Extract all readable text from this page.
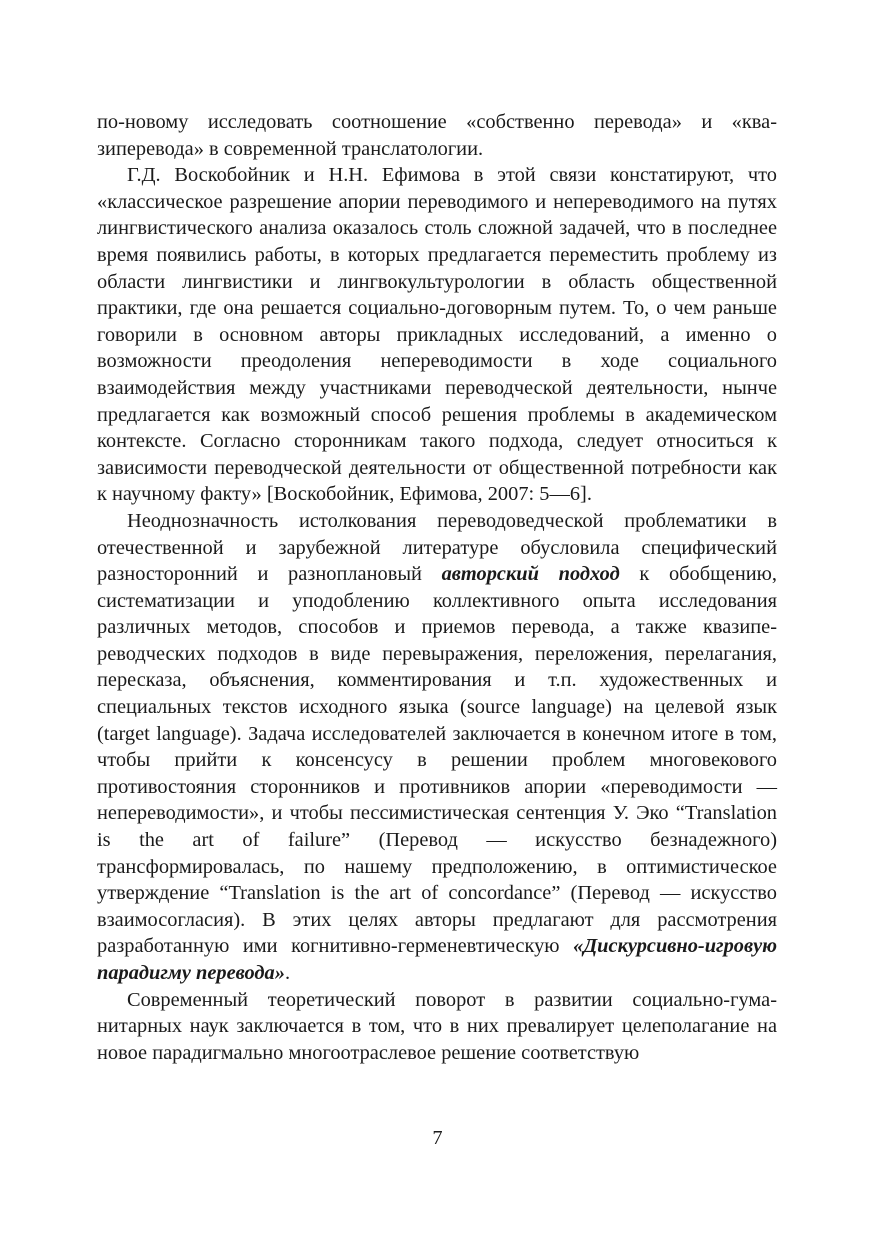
по-новому исследовать соотношение «собственно перевода» и «квазиперевода» в современной транслатологии.

Г.Д. Воскобойник и Н.Н. Ефимова в этой связи констатируют, что «классическое разрешение апории переводимого и непереводимого на путях лингвистического анализа оказалось столь сложной задачей, что в последнее время появились работы, в которых предлагается переместить проблему из области лингвистики и лингвокультурологии в область общественной практики, где она решается социально-договорным путем. То, о чем раньше говорили в основном авторы прикладных исследований, а именно о возможности преодоления непереводимости в ходе социального взаимодействия между участниками переводческой деятельности, нынче предлагается как возможный способ решения проблемы в академическом контексте. Согласно сторонникам такого подхода, следует относиться к зависимости переводческой деятельности от общественной потребности как к научному факту» [Воскобойник, Ефимова, 2007: 5—6].

Неоднозначность истолкования переводоведческой проблематики в отечественной и зарубежной литературе обусловила специфический разносторонний и разноплановый авторский подход к обобщению, систематизации и уподоблению коллективного опыта исследования различных методов, способов и приемов перевода, а также квазипереводческих подходов в виде перевыражения, переложения, перелагания, пересказа, объяснения, комментирования и т.п. художественных и специальных текстов исходного языка (source language) на целевой язык (target language). Задача исследователей заключается в конечном итоге в том, чтобы прийти к консенсусу в решении проблем многовекового противостояния сторонников и противников апории «переводимости — непереводимости», и чтобы пессимистическая сентенция У. Эко “Translation is the art of failure” (Перевод — искусство безнадежного) трансформировалась, по нашему предположению, в оптимистическое утверждение “Translation is the art of concordance” (Перевод — искусство взаимосогласия). В этих целях авторы предлагают для рассмотрения разработанную ими когнитивно-герменевтическую «Дискурсивно-игровую парадигму перевода».

Современный теоретический поворот в развитии социально-гуманитарных наук заключается в том, что в них превалирует целеполагание на новое парадигмально многоотраслевое решение соответствую

7
